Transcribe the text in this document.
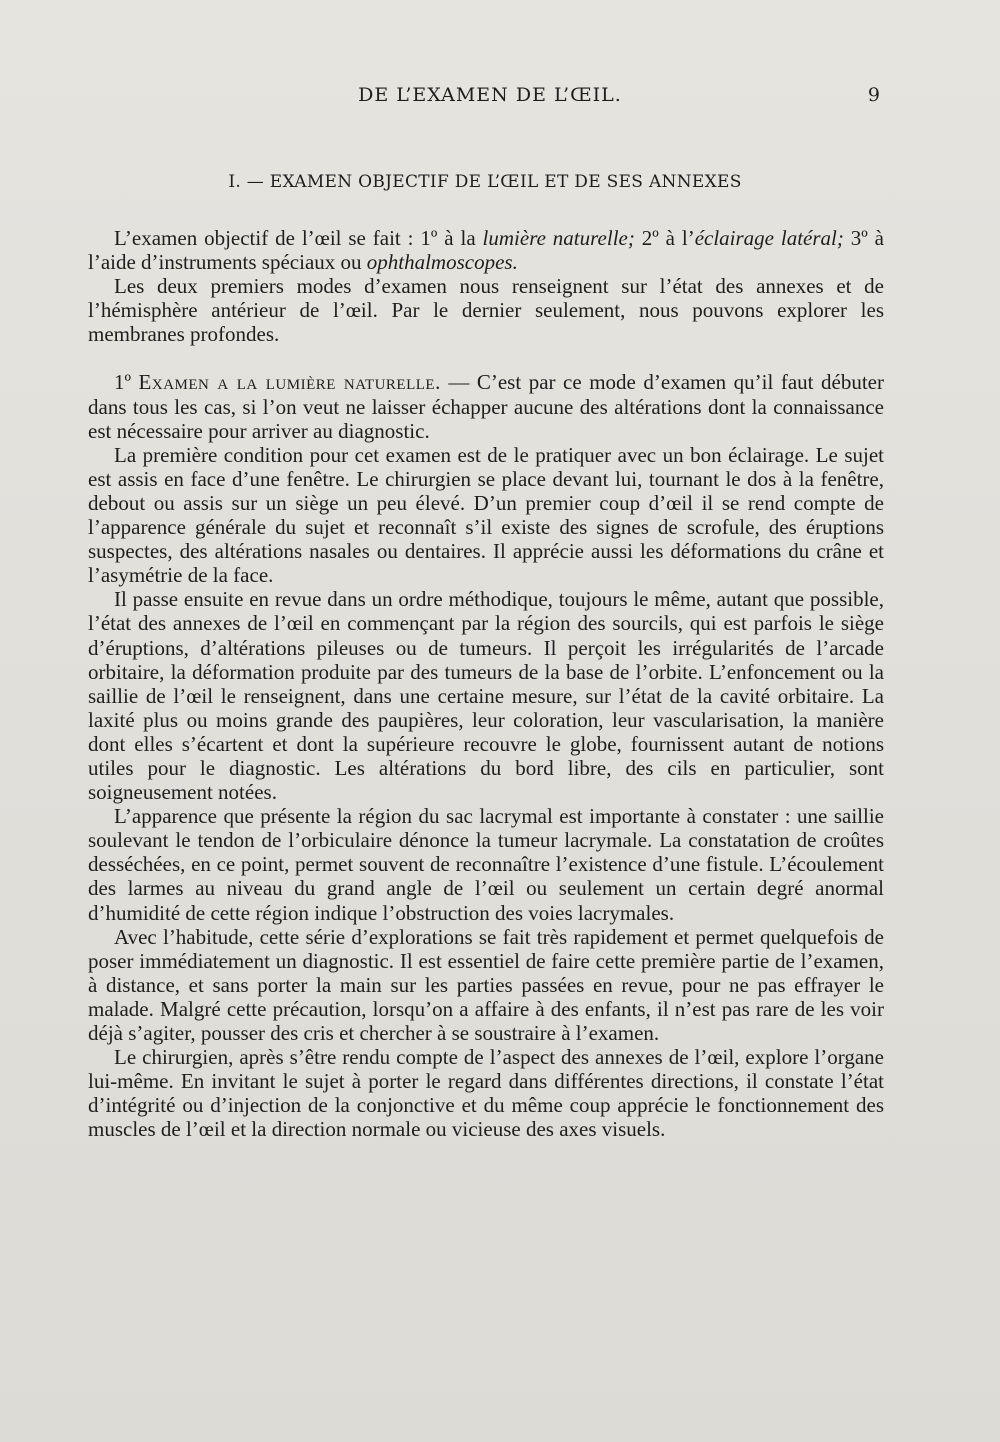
DE L’EXAMEN DE L’ŒIL.	9
I. — EXAMEN OBJECTIF DE L’ŒIL ET DE SES ANNEXES

L’examen objectif de l’œil se fait : 1º à la lumière naturelle; 2º à l’éclairage latéral; 3º à l’aide d’instruments spéciaux ou ophthalmoscopes.

Les deux premiers modes d’examen nous renseignent sur l’état des annexes et de l’hémisphère antérieur de l’œil. Par le dernier seulement, nous pouvons explorer les membranes profondes.

1º Examen a la lumière naturelle. — C’est par ce mode d’examen qu’il faut débuter dans tous les cas, si l’on veut ne laisser échapper aucune des altérations dont la connaissance est nécessaire pour arriver au diagnostic.

La première condition pour cet examen est de le pratiquer avec un bon éclairage. Le sujet est assis en face d’une fenêtre. Le chirurgien se place devant lui, tournant le dos à la fenêtre, debout ou assis sur un siège un peu élevé. D’un premier coup d’œil il se rend compte de l’apparence générale du sujet et reconnaît s’il existe des signes de scrofule, des éruptions suspectes, des altérations nasales ou dentaires. Il apprécie aussi les déformations du crâne et l’asymétrie de la face.

Il passe ensuite en revue dans un ordre méthodique, toujours le même, autant que possible, l’état des annexes de l’œil en commençant par la région des sourcils, qui est parfois le siège d’éruptions, d’altérations pileuses ou de tumeurs. Il perçoit les irrégularités de l’arcade orbitaire, la déformation produite par des tumeurs de la base de l’orbite. L’enfoncement ou la saillie de l’œil le renseignent, dans une certaine mesure, sur l’état de la cavité orbitaire. La laxité plus ou moins grande des paupières, leur coloration, leur vascularisation, la manière dont elles s’écartent et dont la supérieure recouvre le globe, fournissent autant de notions utiles pour le diagnostic. Les altérations du bord libre, des cils en particulier, sont soigneusement notées.

L’apparence que présente la région du sac lacrymal est importante à constater : une saillie soulevant le tendon de l’orbiculaire dénonce la tumeur lacrymale. La constatation de croûtes desséchées, en ce point, permet souvent de reconnaître l’existence d’une fistule. L’écoulement des larmes au niveau du grand angle de l’œil ou seulement un certain degré anormal d’humidité de cette région indique l’obstruction des voies lacrymales.

Avec l’habitude, cette série d’explorations se fait très rapidement et permet quelquefois de poser immédiatement un diagnostic. Il est essentiel de faire cette première partie de l’examen, à distance, et sans porter la main sur les parties passées en revue, pour ne pas effrayer le malade. Malgré cette précaution, lorsqu’on a affaire à des enfants, il n’est pas rare de les voir déjà s’agiter, pousser des cris et chercher à se soustraire à l’examen.

Le chirurgien, après s’être rendu compte de l’aspect des annexes de l’œil, explore l’organe lui-même. En invitant le sujet à porter le regard dans différentes directions, il constate l’état d’intégrité ou d’injection de la conjonctive et du même coup apprécie le fonctionnement des muscles de l’œil et la direction normale ou vicieuse des axes visuels.
